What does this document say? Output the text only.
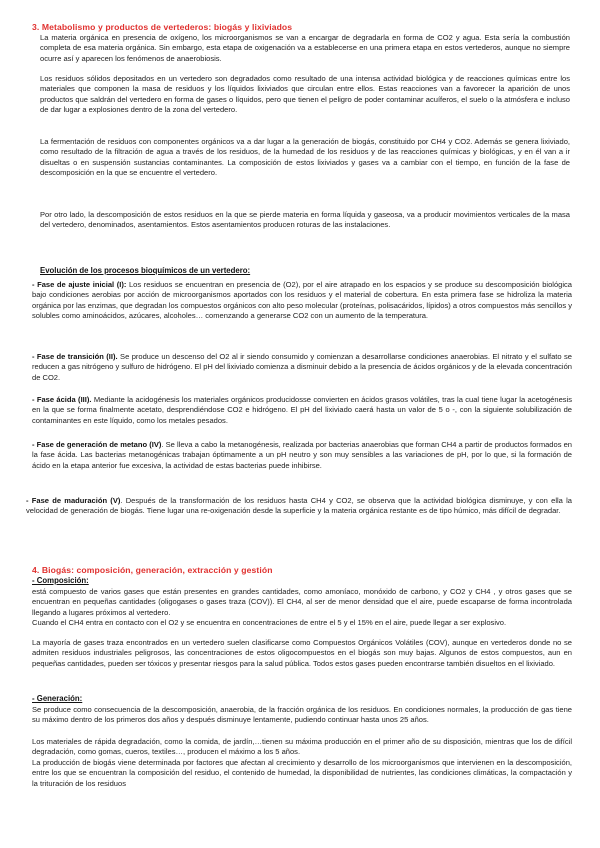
3. Metabolismo y productos de vertederos: biogás y lixiviados

La materia orgánica en presencia de oxígeno, los microorganismos se van a encargar de degradarla en forma de CO2 y agua. Esta sería la combustión completa de esa materia orgánica. Sin embargo, esta etapa de oxigenación va a establecerse en una primera etapa en estos vertederos, aunque no siempre ocurre así y aparecen los fenómenos de anaerobiosis.

Los residuos sólidos depositados en un vertedero son degradados como resultado de una intensa actividad biológica y de reacciones químicas entre los materiales que componen la masa de residuos y los líquidos lixiviados que circulan entre ellos. Estas reacciones van a favorecer la aparición de unos productos que saldrán del vertedero en forma de gases o líquidos, pero que tienen el peligro de poder contaminar acuíferos, el suelo o la atmósfera e incluso de dar lugar a explosiones dentro de la zona del vertedero.

La fermentación de residuos con componentes orgánicos va a dar lugar a la generación de biogás, constituido por CH4 y CO2. Además se genera lixiviado, como resultado de la filtración de agua a través de los residuos, de la humedad de los residuos y de las reacciones químicas y biológicas, y en él van a ir disueltas o en suspensión sustancias contaminantes. La composición de estos lixiviados y gases va a cambiar con el tiempo, en función de la fase de descomposición en la que se encuentre el vertedero.

Por otro lado, la descomposición de estos residuos en la que se pierde materia en forma líquida y gaseosa, va a producir movimientos verticales de la masa del vertedero, denominados, asentamientos. Estos asentamientos producen roturas de las instalaciones.

Evolución de los procesos bioquímicos de un vertedero:

- Fase de ajuste inicial (I): Los residuos se encuentran en presencia de (O2), por el aire atrapado en los espacios y se produce su descomposición biológica bajo condiciones aerobias por acción de microorganismos aportados con los residuos y el material de cobertura. En esta primera fase se hidroliza la materia orgánica por las enzimas, que degradan los compuestos orgánicos con alto peso molecular (proteínas, polisacáridos, lípidos) a otros compuestos más sencillos y solubles como aminoácidos, azúcares, alcoholes… comenzando a generarse CO2 con un aumento de la temperatura.

- Fase de transición (II). Se produce un descenso del O2 al ir siendo consumido y comienzan a desarrollarse condiciones anaerobias. El nitrato y el sulfato se reducen a gas nitrógeno y sulfuro de hidrógeno. El pH del lixiviado comienza a disminuir debido a la presencia de ácidos orgánicos y de la elevada concentración de CO2.

- Fase ácida (III). Mediante la acidogénesis los materiales orgánicos producidosse convierten en ácidos grasos volátiles, tras la cual tiene lugar la acetogénesis en la que se forma finalmente acetato, desprendiéndose CO2 e hidrógeno. El pH del lixiviado caerá hasta un valor de 5 o -, con la siguiente solubilización de contaminantes en este líquido, como los metales pesados.

- Fase de generación de metano (IV). Se lleva a cabo la metanogénesis, realizada por bacterias anaerobias que forman CH4 a partir de productos formados en la fase ácida. Las bacterias metanogénicas trabajan óptimamente a un pH neutro y son muy sensibles a las variaciones de pH, por lo que, si la formación de ácido en la etapa anterior fue excesiva, la actividad de estas bacterias puede inhibirse.

- Fase de maduración (V). Después de la transformación de los residuos hasta CH4 y CO2, se observa que la actividad biológica disminuye, y con ella la velocidad de generación de biogás. Tiene lugar una re-oxigenación desde la superficie y la materia orgánica restante es de tipo húmico, más difícil de degradar.

4. Biogás: composición, generación, extracción y gestión

- Composición:

está compuesto de varios gases que están presentes en grandes cantidades, como amoníaco, monóxido de carbono, y CO2 y CH4 , y otros gases que se encuentran en pequeñas cantidades (oligogases o gases traza (COV)). El CH4, al ser de menor densidad que el aire, puede escaparse de forma incontrolada llegando a lugares próximos al vertedero.

Cuando el CH4 entra en contacto con el O2 y se encuentra en concentraciones de entre el 5 y el 15% en el aire, puede llegar a ser explosivo.

La mayoría de gases traza encontrados en un vertedero suelen clasificarse como Compuestos Orgánicos Volátiles (COV), aunque en vertederos donde no se admiten residuos industriales peligrosos, las concentraciones de estos oligocompuestos en el biogás son muy bajas. Algunos de estos compuestos, aun en pequeñas cantidades, pueden ser tóxicos y presentar riesgos para la salud pública. Todos estos gases pueden encontrarse también disueltos en el lixiviado.

- Generación:

Se produce como consecuencia de la descomposición, anaerobia, de la fracción orgánica de los residuos. En condiciones normales, la producción de gas tiene su máximo dentro de los primeros dos años y después disminuye lentamente, pudiendo continuar hasta unos 25 años.

Los materiales de rápida degradación, como la comida, de jardín,…tienen su máxima producción en el primer año de su disposición, mientras que los de difícil degradación, como gomas, cueros, textiles…, producen el máximo a los 5 años.

La producción de biogás viene determinada por factores que afectan al crecimiento y desarrollo de los microorganismos que intervienen en la descomposición, entre los que se encuentran la composición del residuo, el contenido de humedad, la disponibilidad de nutrientes, las condiciones climáticas, la compactación y la trituración de los residuos
